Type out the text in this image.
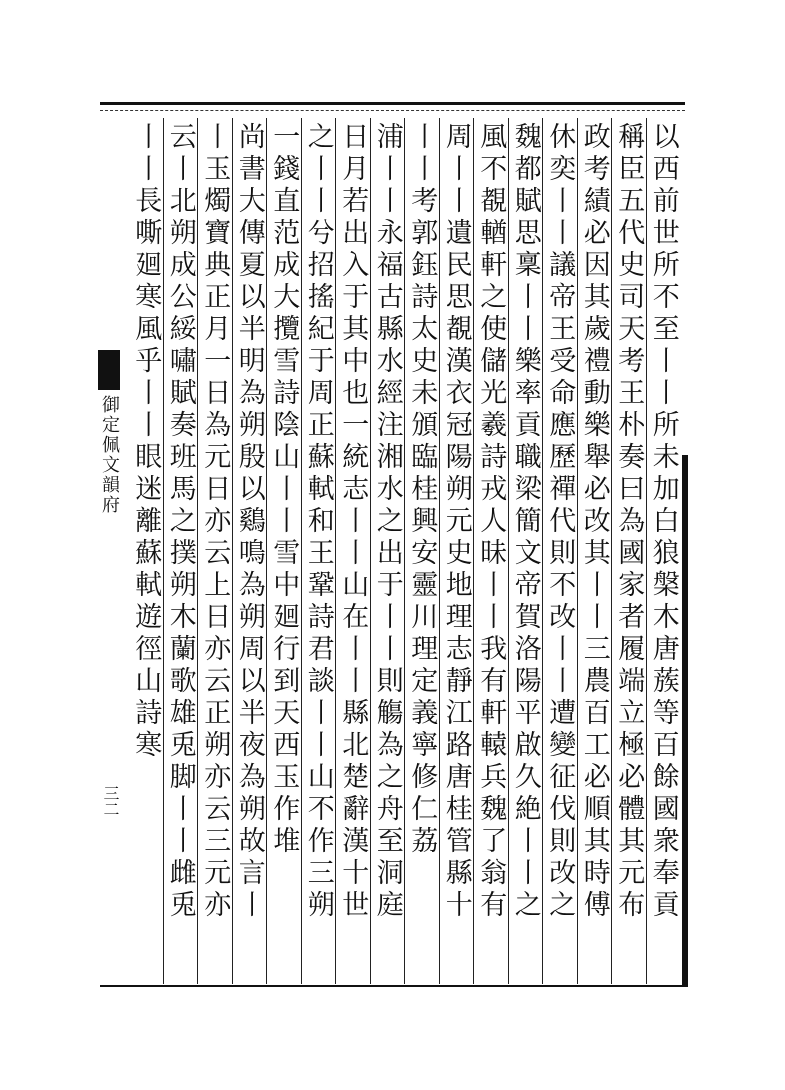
御定佩文韻府
三二	以西前世所不至丨丨所未加白狼槃木唐蔟等百餘國衆奉貢
稱臣五代史司天考王朴奏曰為國家者履端立極必體其元布
政考績必因其歲禮動樂舉必改其丨丨三農百工必順其時傅
休奕丨丨議帝王受命應歷禪代則不改丨丨遭變征伐則改之
魏都賦思稟丨丨樂率貢職梁簡文帝賀洛陽平啟久絶丨丨之
風不覩輶軒之使儲光羲詩戎人昧丨丨我有軒轅兵魏了翁有
周丨丨遺民思覩漢衣冠陽朔元史地理志靜江路唐桂管縣十
丨丨考郭鈺詩太史未頒臨桂興安靈川理定義寧修仁荔
浦丨丨永福古縣水經注湘水之出于丨丨則觴為之舟至洞庭
日月若出入于其中也一統志丨丨山在丨丨縣北楚辭漢十世
之丨丨兮招搖紀于周正蘇軾和王鞏詩君談丨丨山不作三朔
一錢直范成大攬雪詩陰山丨丨雪中廻行到天西玉作堆
尚書大傳夏以半明為朔殷以鷄鳴為朔周以半夜為朔故言丨
丨玉燭寶典正月一日為元日亦云上日亦云正朔亦云三元亦
云丨北朔成公綏嘯賦奏班馬之撲朔木蘭歌雄兎脚丨丨雌兎
丨丨長嘶廻寒風乎丨丨眼迷離蘇軾遊徑山詩寒
